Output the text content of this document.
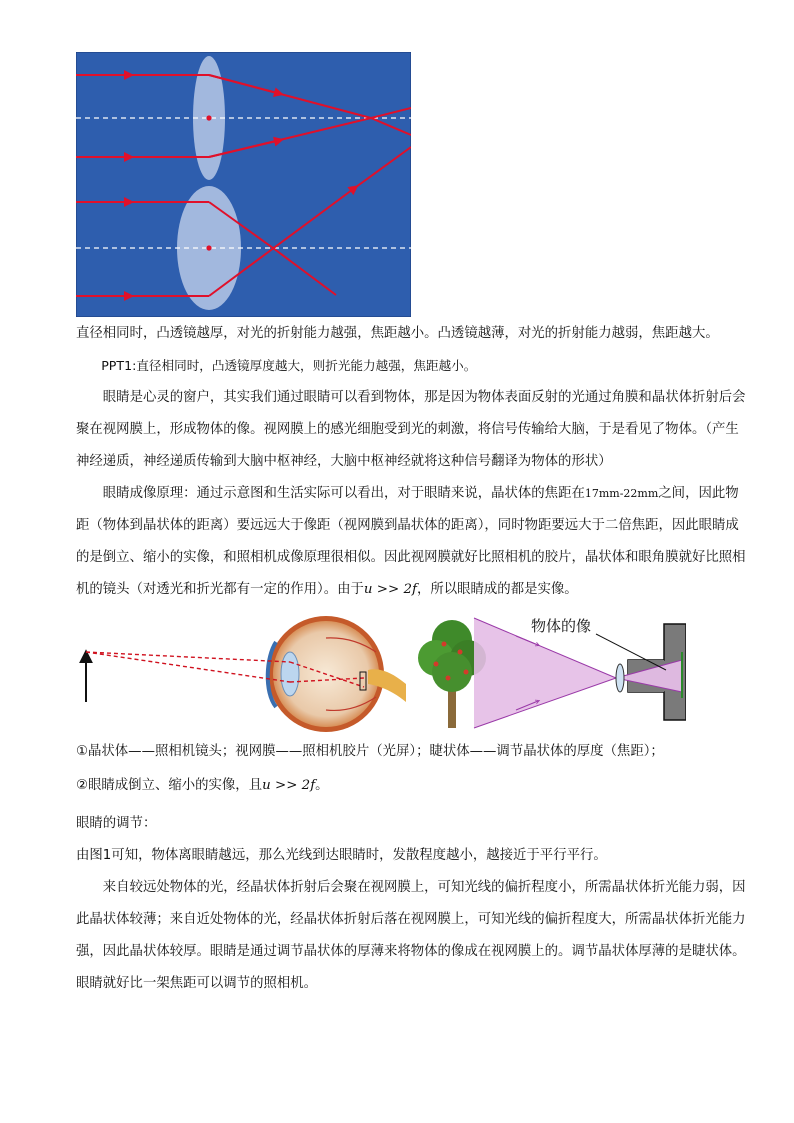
直径相同时，凸透镜越厚，对光的折射能力越强，焦距越小。凸透镜越薄，对光的折射能力越弱，焦距越大。

PPT1:直径相同时，凸透镜厚度越大，则折光能力越强，焦距越小。

眼睛是心灵的窗户，其实我们通过眼睛可以看到物体，那是因为物体表面反射的光通过角膜和晶状体折射后会聚在视网膜上，形成物体的像。视网膜上的感光细胞受到光的刺激，将信号传输给大脑，于是看见了物体。（产生神经递质，神经递质传输到大脑中枢神经，大脑中枢神经就将这种信号翻译为物体的形状）

眼睛成像原理：通过示意图和生活实际可以看出，对于眼睛来说，晶状体的焦距在17mm-22mm之间，因此物距（物体到晶状体的距离）要远远大于像距（视网膜到晶状体的距离），同时物距要远大于二倍焦距，因此眼睛成的是倒立、缩小的实像，和照相机成像原理很相似。因此视网膜就好比照相机的胶片，晶状体和眼角膜就好比照相机的镜头（对透光和折光都有一定的作用）。由于u >> 2f，所以眼睛成的都是实像。

物体的像

①晶状体——照相机镜头；视网膜——照相机胶片（光屏）；睫状体——调节晶状体的厚度（焦距）；

②眼睛成倒立、缩小的实像，且u >> 2f。

眼睛的调节：

由图1可知，物体离眼睛越远，那么光线到达眼睛时，发散程度越小，越接近于平行平行。

来自较远处物体的光，经晶状体折射后会聚在视网膜上，可知光线的偏折程度小，所需晶状体折光能力弱，因此晶状体较薄；来自近处物体的光，经晶状体折射后落在视网膜上，可知光线的偏折程度大，所需晶状体折光能力强，因此晶状体较厚。眼睛是通过调节晶状体的厚薄来将物体的像成在视网膜上的。调节晶状体厚薄的是睫状体。眼睛就好比一架焦距可以调节的照相机。
